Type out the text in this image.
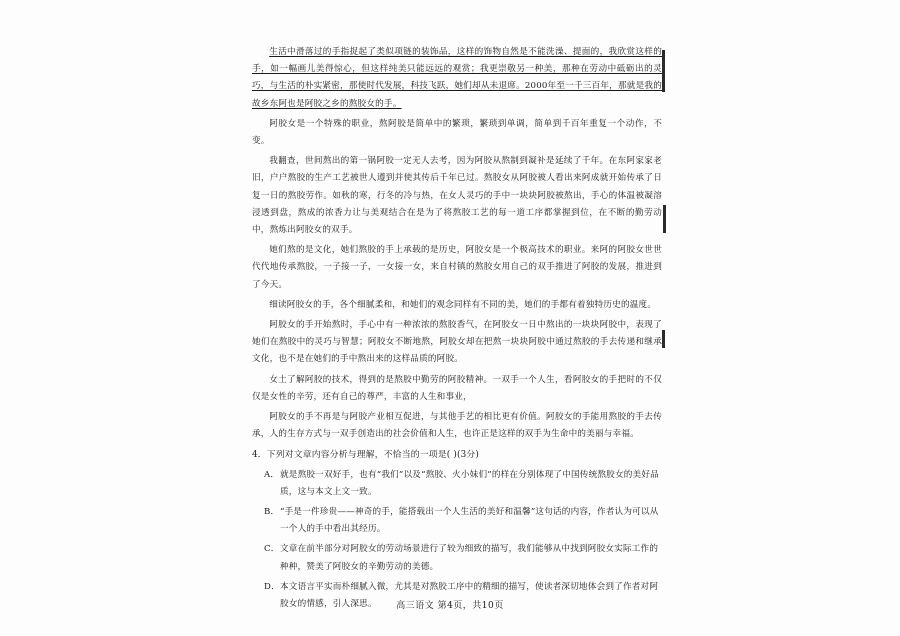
生活中滑落过的手指捉起了类似项链的装饰品，这样的饰物自然是不能洗澡、提面的，我欣赏这样的手，如一幅画儿美得惊心，但这样纯美只能远远的观赏；我更崇敬另一种美，那种在劳动中砥砺出的灵巧，与生活的朴实紧密，那使时代发展，科技飞跃，她们却从未退席。2000年至一千三百年，那就是我的故乡东阿也是阿胶之乡的熬胶女的手。

阿胶女是一个特殊的职业，熬阿胶是简单中的繁琐，繁琐到单调，简单到千百年重复一个动作，不变。

我翻查，世间熬出的第一锅阿胶一定无人去考，因为阿胶从熬制到凝补是延续了千年。在东阿家家老旧，户户熬胶的生产工艺被世人遵到并使其传后千年已过。熬胶女从阿胶被人看出来阿成就开始传承了日复一日的熬胶劳作。如秋的寒，行冬的冷与热，在女人灵巧的手中一块块阿胶被熬出，手心的体温被凝溶浸透到盘，熬成的浓香力让与美观结合在是为了将熬胶工艺的每一道工序都掌握到位，在不断的勤劳动中，熬炼出阿胶女的双手。

她们熬的是文化，她们熬胶的手上承载的是历史，阿胶女是一个极高技术的职业。来阿的阿胶女世世代代地传承熬胶，一子接一子，一女接一女，来自村镇的熬胶女用自己的双手推进了阿胶的发展，推进到了今天。

细读阿胶女的手，各个细腻柔和，和她们的观念同样有不同的美，她们的手都有着独特历史的温度。

阿胶女的手开始熬时，手心中有一种浓浓的熬胶香气，在阿胶女一日中熬出的一块块阿胶中，表现了她们在熬胶中的灵巧与智慧；阿胶女不断地熬，阿胶女却在把熬一块块阿胶中通过熬胶的手去传递和继承文化，也不是在她们的手中熬出来的这样品质的阿胶。

女土了解阿胶的技术，得到的是熬胶中勤劳的阿胶精神。一双手一个人生，看阿胶女的手把时的不仅仅是女性的辛劳，还有自己的尊严，丰富的人生和事业，

阿胶女的手不再是与阿胶产业相互促进，与其他手艺的相比更有价值。阿胶女的手能用熬胶的手去传承，人的生存方式与一双手创造出的社会价值和人生，也许正是这样的双手为生命中的美丽与幸福。

4．下列对文章内容分析与理解，不恰当的一项是( )(3分)

A． 就是熬胶一双好手，也有“我们”以及“熬胶、火小妹们”的样在分别体现了中国传统熬胶女的美好品质，这与本文上文一致。
B． “手是一件珍贵——神奇的手，能搭载出一个人生活的美好和温馨”这句话的内容，作者认为可以从一个人的手中看出其经历。
C． 文章在前半部分对阿胶女的劳动场景进行了较为细致的描写，我们能够从中找到阿胶女实际工作的种种，赞美了阿胶女的辛勤劳动的美德。
D． 本文语言平实而朴细腻入微，尤其是对熬胶工序中的精细的描写，使读者深切地体会到了作者对阿胶女的情感，引人深思。	高三语文 第4页，共10页
